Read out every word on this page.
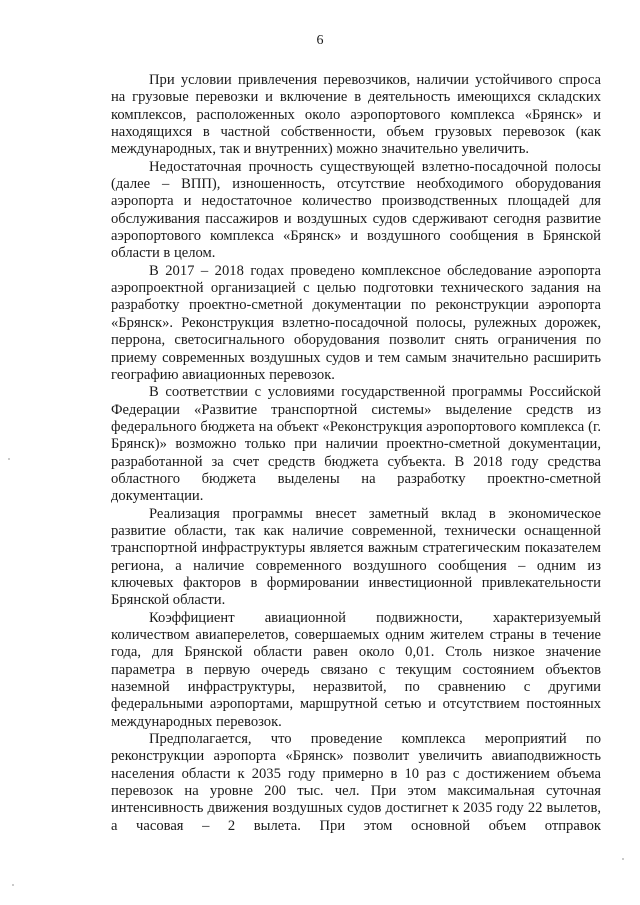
6

При условии привлечения перевозчиков, наличии устойчивого спроса на грузовые перевозки и включение в деятельность имеющихся складских комплексов, расположенных около аэропортового комплекса «Брянск» и находящихся в частной собственности, объем грузовых перевозок (как международных, так и внутренних) можно значительно увеличить.

Недостаточная прочность существующей взлетно-посадочной полосы (далее – ВПП), изношенность, отсутствие необходимого оборудования аэропорта и недостаточное количество производственных площадей для обслуживания пассажиров и воздушных судов сдерживают сегодня развитие аэропортового комплекса «Брянск» и воздушного сообщения в Брянской области в целом.

В 2017 – 2018 годах проведено комплексное обследование аэропорта аэропроектной организацией с целью подготовки технического задания на разработку проектно-сметной документации по реконструкции аэропорта «Брянск». Реконструкция взлетно-посадочной полосы, рулежных дорожек, перрона, светосигнального оборудования позволит снять ограничения по приему современных воздушных судов и тем самым значительно расширить географию авиационных перевозок.

В соответствии с условиями государственной программы Российской Федерации «Развитие транспортной системы» выделение средств из федерального бюджета на объект «Реконструкция аэропортового комплекса (г. Брянск)» возможно только при наличии проектно-сметной документации, разработанной за счет средств бюджета субъекта. В 2018 году средства областного бюджета выделены на разработку проектно-сметной документации.

Реализация программы внесет заметный вклад в экономическое развитие области, так как наличие современной, технически оснащенной транспортной инфраструктуры является важным стратегическим показателем региона, а наличие современного воздушного сообщения – одним из ключевых факторов в формировании инвестиционной привлекательности Брянской области.

Коэффициент авиационной подвижности, характеризуемый количеством авиаперелетов, совершаемых одним жителем страны в течение года, для Брянской области равен около 0,01. Столь низкое значение параметра в первую очередь связано с текущим состоянием объектов наземной инфраструктуры, неразвитой, по сравнению с другими федеральными аэропортами, маршрутной сетью и отсутствием постоянных международных перевозок.

Предполагается, что проведение комплекса мероприятий по реконструкции аэропорта «Брянск» позволит увеличить авиаподвижность населения области к 2035 году примерно в 10 раз с достижением объема перевозок на уровне 200 тыс. чел. При этом максимальная суточная интенсивность движения воздушных судов достигнет к 2035 году 22 вылетов, а часовая – 2 вылета. При этом основной объем отправок
